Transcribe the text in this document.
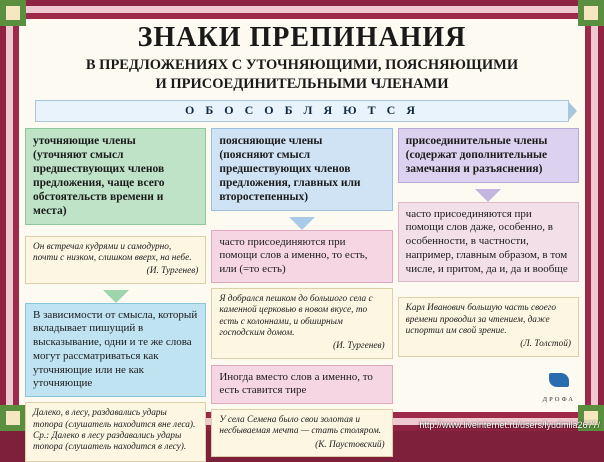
ЗНАКИ ПРЕПИНАНИЯ
В ПРЕДЛОЖЕНИЯХ С УТОЧНЯЮЩИМИ, ПОЯСНЯЮЩИМИ
И ПРИСОЕДИНИТЕЛЬНЫМИ ЧЛЕНАМИ
О Б О С О Б Л Я Ю Т С Я
уточняющие члены
(уточняют смысл предшествующих членов предложения, чаще всего обстоятельств времени и места)
Он встречал кудрями и самодурно, почти с низком, слишком вверх, на небе.
(И. Тургенев)
В зависимости от смысла, который вкладывает пишущий в высказывание, одни и те же слова могут рассматриваться как уточняющие или не как уточняющие
Далеко, в лесу, раздавались удары топора (слушатель находится вне леса). Ср.: Далеко в лесу раздавались удары топора (слушатель находится в лесу).
поясняющие члены
(поясняют смысл предшествующих членов предложения, главных или второстепенных)
часто присоединяются при помощи слов а именно, то есть, или (=то есть)
Я добрался пешком до большого села с каменной церковью в новом вкусе, то есть с колоннами, и обширным господским домом.
(И. Тургенев)
Иногда вместо слов а именно, то есть ставится тире
У села Семена было свои золотая и несбываемая мечта — стать столяром.
(К. Паустовский)
присоединительные члены
(содержат дополнительные замечания и разъяснения)
часто присоединяются при помощи слов даже, особенно, в особенности, в частности, например, главным образом, в том числе, и притом, да и, да и вообще
Карл Иванович большую часть своего времени проводил за чтением, даже испортил им свой зрение.
(Л. Толстой)
ДРОФА
http://www.liveinternet.ru/users/lyudmila2677/
